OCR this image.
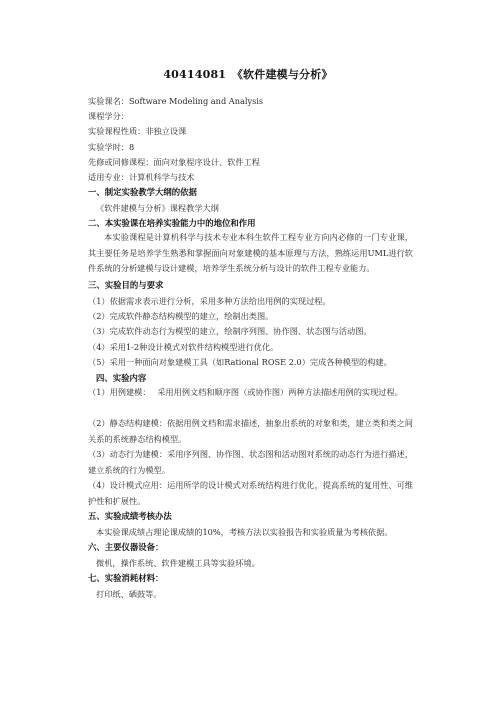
40414081　《软件建模与分析》
实验课名：Software Modeling and Analysis
课程学分：
实验课程性质：非独立设课
实验学时：8
先修或同修课程：面向对象程序设计、软件工程
适用专业：计算机科学与技术
一、制定实验教学大纲的依据
《软件建模与分析》课程教学大纲
二、本实验课在培养实验能力中的地位和作用
本实验课程是计算机科学与技术专业本科生软件工程专业方向内必修的一门专业课，其主要任务是培养学生熟悉和掌握面向对象建模的基本原理与方法，熟练运用UML进行软件系统的分析建模与设计建模，培养学生系统分析与设计的软件工程专业能力。
三、实验目的与要求
（1）依据需求表示进行分析，采用多种方法给出用例的实现过程。
（2）完成软件静态结构模型的建立，绘制出类图。
（3）完成软件动态行为模型的建立，绘制序列图、协作图、状态图与活动图。
（4）采用1-2种设计模式对软件结构模型进行优化。
（5）采用一种面向对象建模工具（如Rational ROSE 2.0）完成各种模型的构建。
四、实验内容
（1）用例建模：　 采用用例文档和顺序图（或协作图）两种方法描述用例的实现过程。
（2）静态结构建模：依据用例文档和需求描述，抽象出系统的对象和类，建立类和类之间关系的系统静态结构模型。
（3）动态行为建模：采用序列图、协作图、状态图和活动图对系统的动态行为进行描述，建立系统的行为模型。
（4）设计模式应用：运用所学的设计模式对系统结构进行优化，提高系统的复用性、可维护性和扩展性。
五、实验成绩考核办法
本实验课成绩占理论课成绩的10%，考核方法以实验报告和实验质量为考核依据。
六、主要仪器设备：
微机，操作系统、软件建模工具等实验环境。
七、实验消耗材料：
打印纸、硒鼓等。
